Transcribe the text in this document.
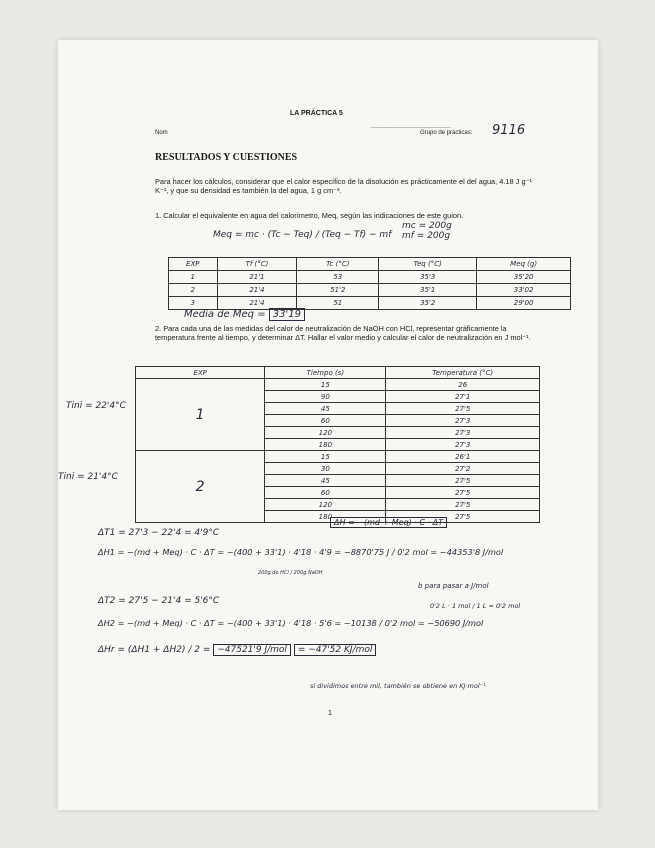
LA PRÁCTICA 5
Nom
…………………………………………
Grupo de prácticas: 9116
RESULTADOS Y CUESTIONES
Para hacer los cálculos, considerar que el calor específico de la disolución es prácticamente el del agua, 4.18 J g⁻¹ K⁻¹, y que su densidad es también la del agua, 1 g cm⁻³.
1. Calcular el equivalente en agua del calorímetro, Meq, según las indicaciones de este guion.
Meq = mc · (Tc − Teq) / (Teq − Tf) − mf
mc = 200g
mf = 200g
EXP	Tf (°C)	Tc (°C)	Teq (°C)	Meq (g)
1	21'1	53	35'3	35'20
2	21'4	51'2	35'1	33'02
3	21'4	51	35'2	29'00
Media de Meq = 33'19
2. Para cada una de las medidas del calor de neutralización de NaOH con HCl, representar gráficamente la temperatura frente al tiempo, y determinar ΔT. Hallar el valor medio y calcular el calor de neutralización en J mol⁻¹.
Tini = 22'4°C
Tini = 21'4°C
EXP	Tiempo (s)	Temperatura (°C)
1	15	26
	90	27'1
	45	27'5
	60	27'3
	120	27'3
	180	27'3
2	15	26'1
	30	27'2
	45	27'5
	60	27'5
	120	27'5
	180	27'5
ΔH = −(md + Meq) · C · ΔT
ΔT1 = 27'3 − 22'4 = 4'9°C
ΔH1 = −(md + Meq) · C · ΔT = −(400 + 33'1) · 4'18 · 4'9 = −8870'75 J / 0'2 mol = −44353'8 J/mol
200g de HCl / 200g NaOH
b para pasar a J/mol
ΔT2 = 27'5 − 21'4 = 5'6°C	0'2 L · 1 mol / 1 L = 0'2 mol
ΔH2 = −(md + Meq) · C · ΔT = −(400 + 33'1) · 4'18 · 5'6 = −10138 / 0'2 mol = −50690 J/mol
ΔHr = (ΔH1 + ΔH2) / 2 = −47521'9 J/mol = −47'52 KJ/mol
si dividimos entre mil, también se obtiene en KJ·mol⁻¹
1
